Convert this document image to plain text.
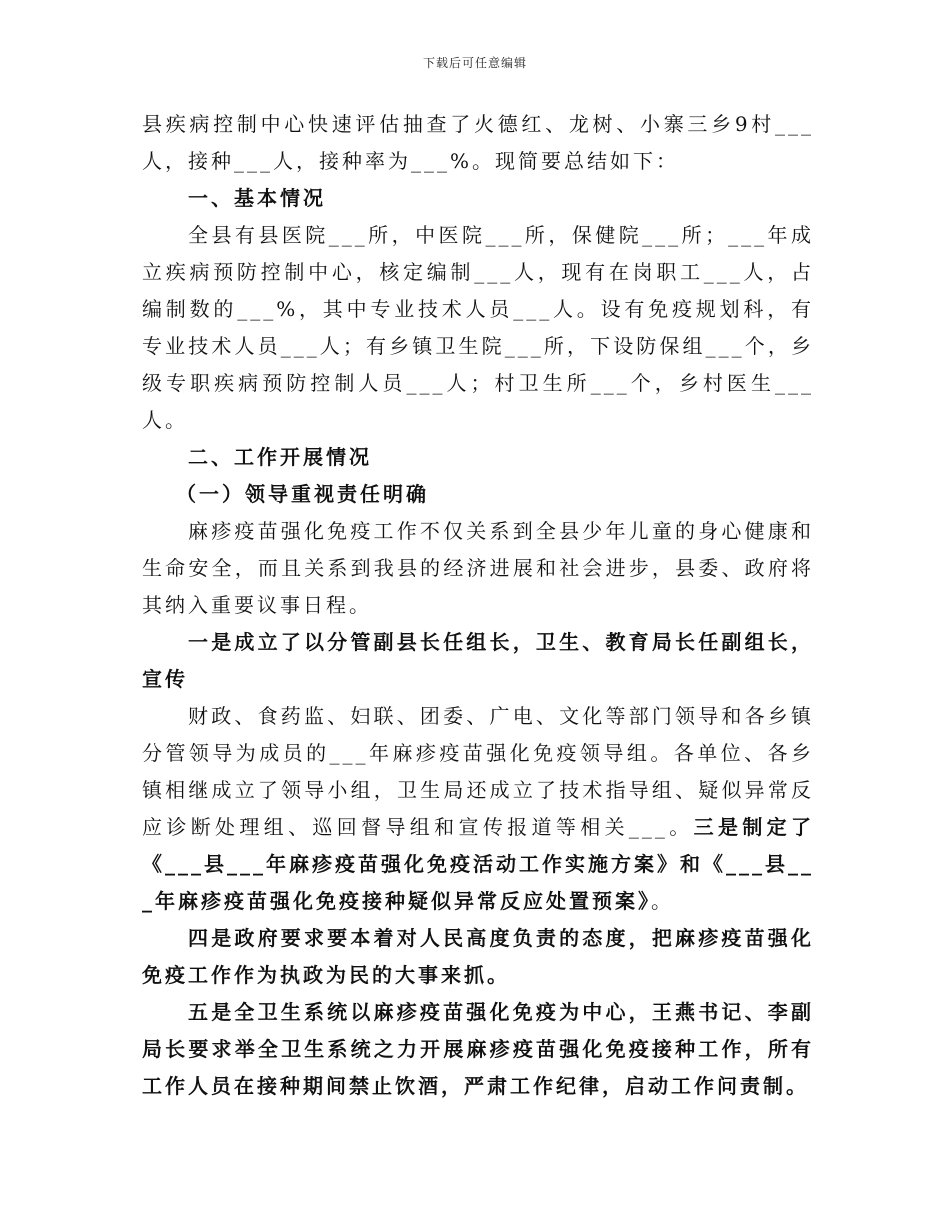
下载后可任意编辑

县疾病控制中心快速评估抽查了火德红、龙树、小寨三乡9村___人，接种___人，接种率为___%。现简要总结如下：

一、基本情况

全县有县医院___所，中医院___所，保健院___所；___年成立疾病预防控制中心，核定编制___人，现有在岗职工___人，占编制数的___%，其中专业技术人员___人。设有免疫规划科，有专业技术人员___人；有乡镇卫生院___所，下设防保组___个，乡级专职疾病预防控制人员___人；村卫生所___个，乡村医生___人。

二、工作开展情况

（一）领导重视责任明确

麻疹疫苗强化免疫工作不仅关系到全县少年儿童的身心健康和生命安全，而且关系到我县的经济进展和社会进步，县委、政府将其纳入重要议事日程。

一是成立了以分管副县长任组长，卫生、教育局长任副组长，宣传

财政、食药监、妇联、团委、广电、文化等部门领导和各乡镇分管领导为成员的___年麻疹疫苗强化免疫领导组。各单位、各乡镇相继成立了领导小组，卫生局还成立了技术指导组、疑似异常反应诊断处理组、巡回督导组和宣传报道等相关___。三是制定了《___县___年麻疹疫苗强化免疫活动工作实施方案》和《___县___年麻疹疫苗强化免疫接种疑似异常反应处置预案》。

四是政府要求要本着对人民高度负责的态度，把麻疹疫苗强化免疫工作作为执政为民的大事来抓。

五是全卫生系统以麻疹疫苗强化免疫为中心，王燕书记、李副局长要求举全卫生系统之力开展麻疹疫苗强化免疫接种工作，所有工作人员在接种期间禁止饮酒，严肃工作纪律，启动工作问责制。
